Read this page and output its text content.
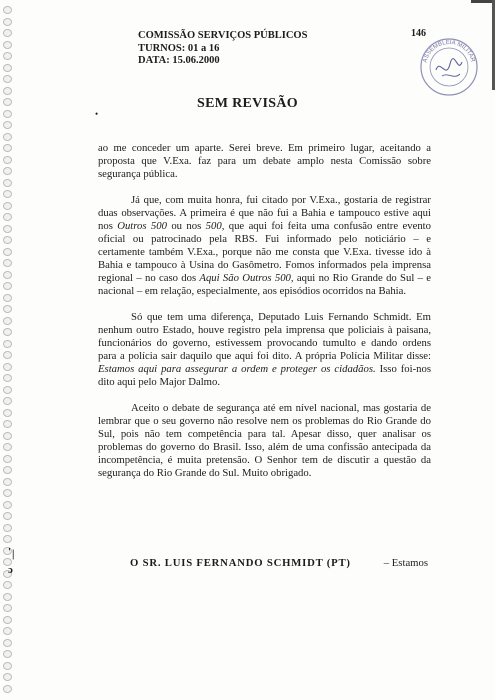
COMISSÃO SERVIÇOS PÚBLICOS
TURNOS: 01 a 16
DATA: 15.06.2000
146
ASSEMBLEIA MILITAR
SEM REVISÃO
•

ao me conceder um aparte. Serei breve. Em primeiro lugar, aceitando a proposta que V.Exa. faz para um debate amplo nesta Comissão sobre segurança pública.

Já que, com muita honra, fui citado por V.Exa., gostaria de registrar duas observações. A primeira é que não fui a Bahia e tampouco estive aqui nos Outros 500 ou nos 500, que aqui foi feita uma confusão entre evento oficial ou patrocinado pela RBS. Fui informado pelo noticiário – e certamente também V.Exa., porque não me consta que V.Exa. tivesse ido à Bahia e tampouco à Usina do Gasômetro. Fomos informados pela imprensa regional – no caso dos Aqui São Outros 500, aqui no Rio Grande do Sul – e nacional – em relação, especialmente, aos episódios ocorridos na Bahia.

Só que tem uma diferença, Deputado Luis Fernando Schmidt. Em nenhum outro Estado, houve registro pela imprensa que policiais à paisana, funcionários do governo, estivessem provocando tumulto e dando ordens para a polícia sair daquilo que aqui foi dito. A própria Polícia Militar disse: Estamos aqui para assegurar a ordem e proteger os cidadãos. Isso foi-nos dito aqui pelo Major Dalmo.

Aceito o debate de segurança até em nível nacional, mas gostaria de lembrar que o seu governo não resolve nem os problemas do Rio Grande do Sul, pois não tem competência para tal. Apesar disso, quer analisar os problemas do governo do Brasil. Isso, além de uma confissão antecipada da incompetência, é muita pretensão. O Senhor tem de discutir a questão da segurança do Rio Grande do Sul. Muito obrigado.

O SR. LUIS FERNANDO SCHMIDT (PT)	– Estamos
' |
ɔ
